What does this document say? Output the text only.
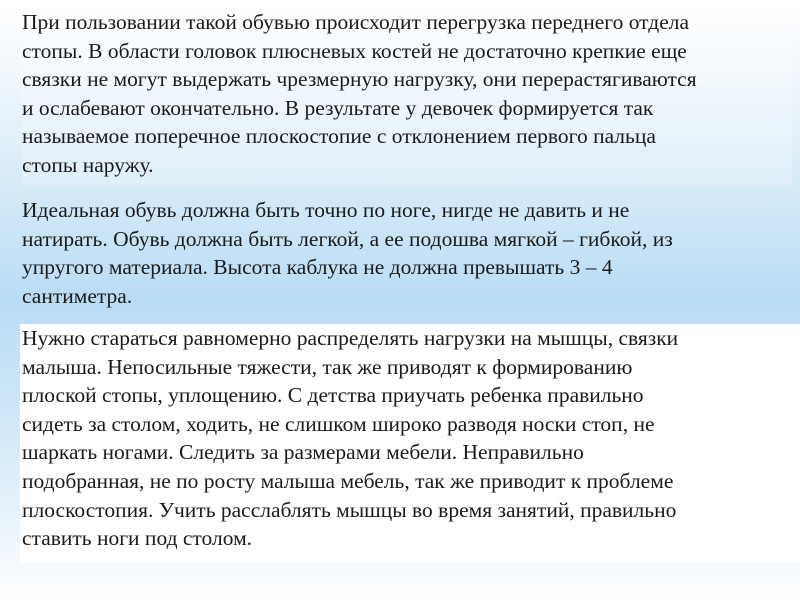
При пользовании такой обувью происходит перегрузка переднего отдела
стопы. В области головок плюсневых костей не достаточно крепкие еще
связки не могут выдержать чрезмерную нагрузку, они перерастягиваются
и ослабевают окончательно. В результате у девочек формируется так
называемое поперечное плоскостопие с отклонением первого пальца
стопы наружу.

Идеальная обувь должна быть точно по ноге, нигде не давить и не
натирать. Обувь должна быть легкой, а ее подошва мягкой – гибкой, из
упругого материала. Высота каблука не должна превышать 3 – 4
сантиметра.

Нужно стараться равномерно распределять нагрузки на мышцы, связки
малыша. Непосильные тяжести, так же приводят к формированию
плоской стопы, уплощению. С детства приучать ребенка правильно
сидеть за столом, ходить, не слишком широко разводя носки стоп, не
шаркать ногами. Следить за размерами мебели. Неправильно
подобранная, не по росту малыша мебель, так же приводит к проблеме
плоскостопия. Учить расслаблять мышцы во время занятий, правильно
ставить ноги под столом.
